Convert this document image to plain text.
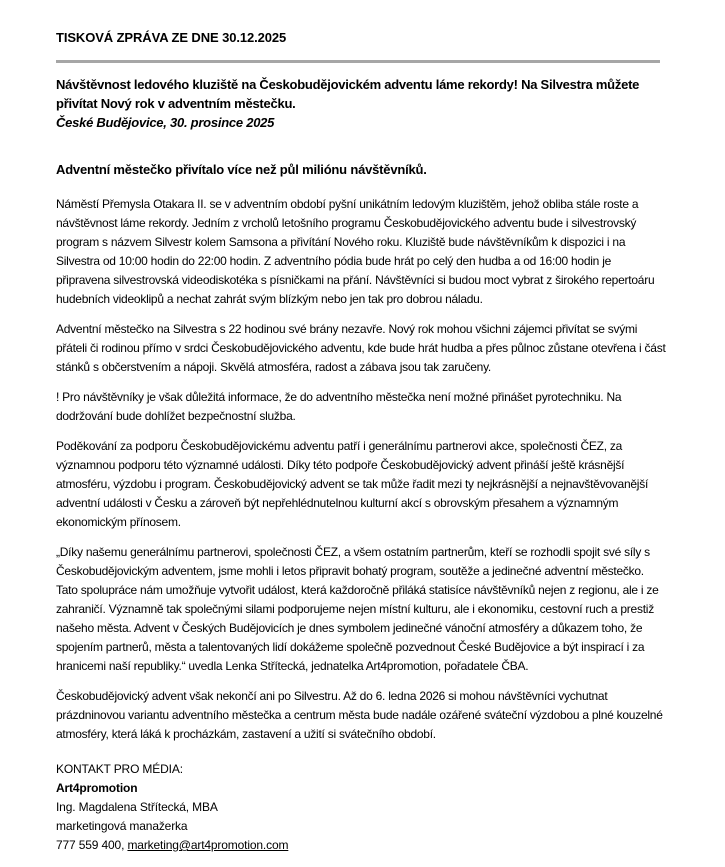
TISKOVÁ ZPRÁVA ZE DNE 30.12.2025

Návštěvnost ledového kluziště na Českobudějovickém adventu láme rekordy! Na Silvestra můžete přivítat Nový rok v adventním městečku.

České Budějovice, 30. prosince 2025

Adventní městečko přivítalo více než půl miliónu návštěvníků.

Náměstí Přemysla Otakara II. se v adventním období pyšní unikátním ledovým kluzištěm, jehož obliba stále roste a návštěvnost láme rekordy. Jedním z vrcholů letošního programu Českobudějovického adventu bude i silvestrovský program s názvem Silvestr kolem Samsona a přivítání Nového roku. Kluziště bude návštěvníkům k dispozici i na Silvestra od 10:00 hodin do 22:00 hodin. Z adventního pódia bude hrát po celý den hudba a od 16:00 hodin je připravena silvestrovská videodiskotéka s písničkami na přání. Návštěvníci si budou moct vybrat z širokého repertoáru hudebních videoklipů a nechat zahrát svým blízkým nebo jen tak pro dobrou náladu.

Adventní městečko na Silvestra s 22 hodinou své brány nezavře. Nový rok mohou všichni zájemci přivítat se svými přáteli či rodinou přímo v srdci Českobudějovického adventu, kde bude hrát hudba a přes půlnoc zůstane otevřena i část stánků s občerstvením a nápoji. Skvělá atmosféra, radost a zábava jsou tak zaručeny.

! Pro návštěvníky je však důležitá informace, že do adventního městečka není možné přinášet pyrotechniku. Na dodržování bude dohlížet bezpečnostní služba.

Poděkování za podporu Českobudějovickému adventu patří i generálnímu partnerovi akce, společnosti ČEZ, za významnou podporu této významné události. Díky této podpoře Českobudějovický advent přináší ještě krásnější atmosféru, výzdobu i program. Českobudějovický advent se tak může řadit mezi ty nejkrásnější a nejnavštěvovanější adventní události v Česku a zároveň být nepřehlédnutelnou kulturní akcí s obrovským přesahem a významným ekonomickým přínosem.

„Díky našemu generálnímu partnerovi, společnosti ČEZ, a všem ostatním partnerům, kteří se rozhodli spojit své síly s Českobudějovickým adventem, jsme mohli i letos připravit bohatý program, soutěže a jedinečné adventní městečko. Tato spolupráce nám umožňuje vytvořit událost, která každoročně přiláká statisíce návštěvníků nejen z regionu, ale i ze zahraničí. Významně tak společnými silami podporujeme nejen místní kulturu, ale i ekonomiku, cestovní ruch a prestiž našeho města. Advent v Českých Budějovicích je dnes symbolem jedinečné vánoční atmosféry a důkazem toho, že spojením partnerů, města a talentovaných lidí dokážeme společně pozvednout České Budějovice a být inspirací i za hranicemi naší republiky.“ uvedla Lenka Střítecká, jednatelka Art4promotion, pořadatele ČBA.

Českobudějovický advent však nekončí ani po Silvestru. Až do 6. ledna 2026 si mohou návštěvníci vychutnat prázdninovou variantu adventního městečka a centrum města bude nadále ozářené sváteční výzdobou a plné kouzelné atmosféry, která láká k procházkám, zastavení a užití si svátečního období.

KONTAKT PRO MÉDIA:
Art4promotion
Ing. Magdalena Střítecká, MBA
marketingová manažerka
777 559 400, marketing@art4promotion.com
